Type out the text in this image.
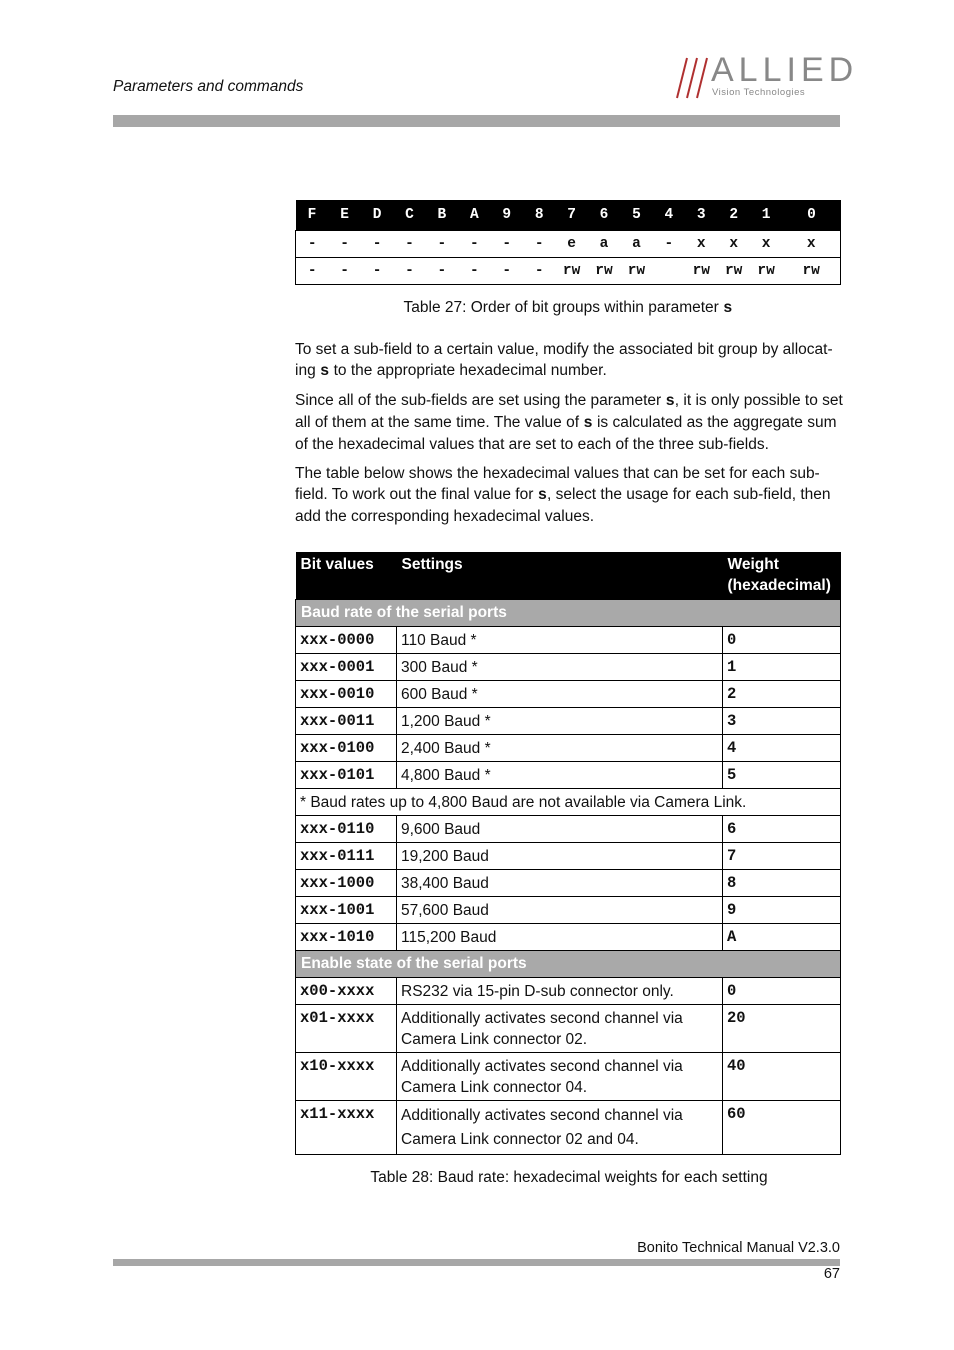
Parameters and commands	ALLIED
Vision Technologies
F	E	D	C	B	A	9	8	7	6	5	4	3	2	1	0
-	-	-	-	-	-	-	-	e	a	a	-	x	x	x	x
-	-	-	-	-	-	-	-	rw	rw	rw		rw	rw	rw	rw
Table 27: Order of bit groups within parameter s

To set a sub-field to a certain value, modify the associated bit group by allocat-
ing s to the appropriate hexadecimal number.

Since all of the sub-fields are set using the parameter s, it is only possible to set
all of them at the same time. The value of s is calculated as the aggregate sum
of the hexadecimal values that are set to each of the three sub-fields.

The table below shows the hexadecimal values that can be set for each sub-
field. To work out the final value for s, select the usage for each sub-field, then
add the corresponding hexadecimal values.

Bit values	Settings	Weight
(hexadecimal)
Baud rate of the serial ports		
xxx-0000	110 Baud *	0
xxx-0001	300 Baud *	1
xxx-0010	600 Baud *	2
xxx-0011	1,200 Baud *	3
xxx-0100	2,400 Baud *	4
xxx-0101	4,800 Baud *	5
* Baud rates up to 4,800 Baud are not available via Camera Link.		
xxx-0110	9,600 Baud	6
xxx-0111	19,200 Baud	7
xxx-1000	38,400 Baud	8
xxx-1001	57,600 Baud	9
xxx-1010	115,200 Baud	A
Enable state of the serial ports		
x00-xxxx	RS232 via 15-pin D-sub connector only.	0
x01-xxxx	Additionally activates second channel via
Camera Link connector 02.	20
x10-xxxx	Additionally activates second channel via
Camera Link connector 04.	40
x11-xxxx	Additionally activates second channel via
Camera Link connector 02 and 04.	60
Table 28: Baud rate: hexadecimal weights for each setting
Bonito Technical Manual V2.3.0
67
